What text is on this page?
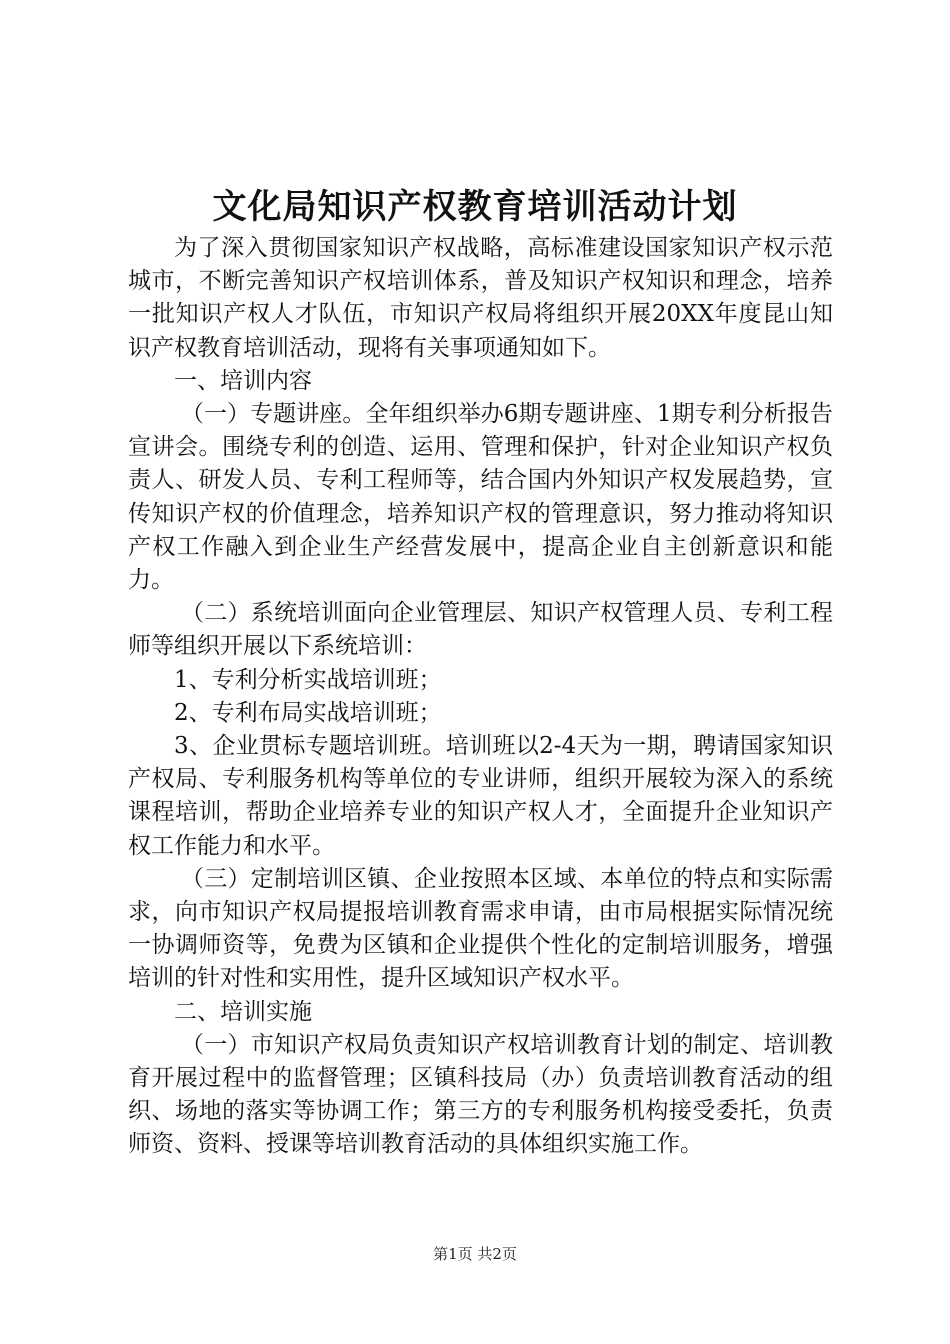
文化局知识产权教育培训活动计划

为了深入贯彻国家知识产权战略，高标准建设国家知识产权示范城市，不断完善知识产权培训体系，普及知识产权知识和理念，培养一批知识产权人才队伍，市知识产权局将组织开展20XX年度昆山知识产权教育培训活动，现将有关事项通知如下。

一、培训内容

（一）专题讲座。全年组织举办6期专题讲座、1期专利分析报告宣讲会。围绕专利的创造、运用、管理和保护，针对企业知识产权负责人、研发人员、专利工程师等，结合国内外知识产权发展趋势，宣传知识产权的价值理念，培养知识产权的管理意识，努力推动将知识产权工作融入到企业生产经营发展中，提高企业自主创新意识和能力。

（二）系统培训面向企业管理层、知识产权管理人员、专利工程师等组织开展以下系统培训：

1、专利分析实战培训班；

2、专利布局实战培训班；

3、企业贯标专题培训班。培训班以2-4天为一期，聘请国家知识产权局、专利服务机构等单位的专业讲师，组织开展较为深入的系统课程培训，帮助企业培养专业的知识产权人才，全面提升企业知识产权工作能力和水平。

（三）定制培训区镇、企业按照本区域、本单位的特点和实际需求，向市知识产权局提报培训教育需求申请，由市局根据实际情况统一协调师资等，免费为区镇和企业提供个性化的定制培训服务，增强培训的针对性和实用性，提升区域知识产权水平。

二、培训实施

（一）市知识产权局负责知识产权培训教育计划的制定、培训教育开展过程中的监督管理；区镇科技局（办）负责培训教育活动的组织、场地的落实等协调工作；第三方的专利服务机构接受委托，负责师资、资料、授课等培训教育活动的具体组织实施工作。

第1页 共2页
